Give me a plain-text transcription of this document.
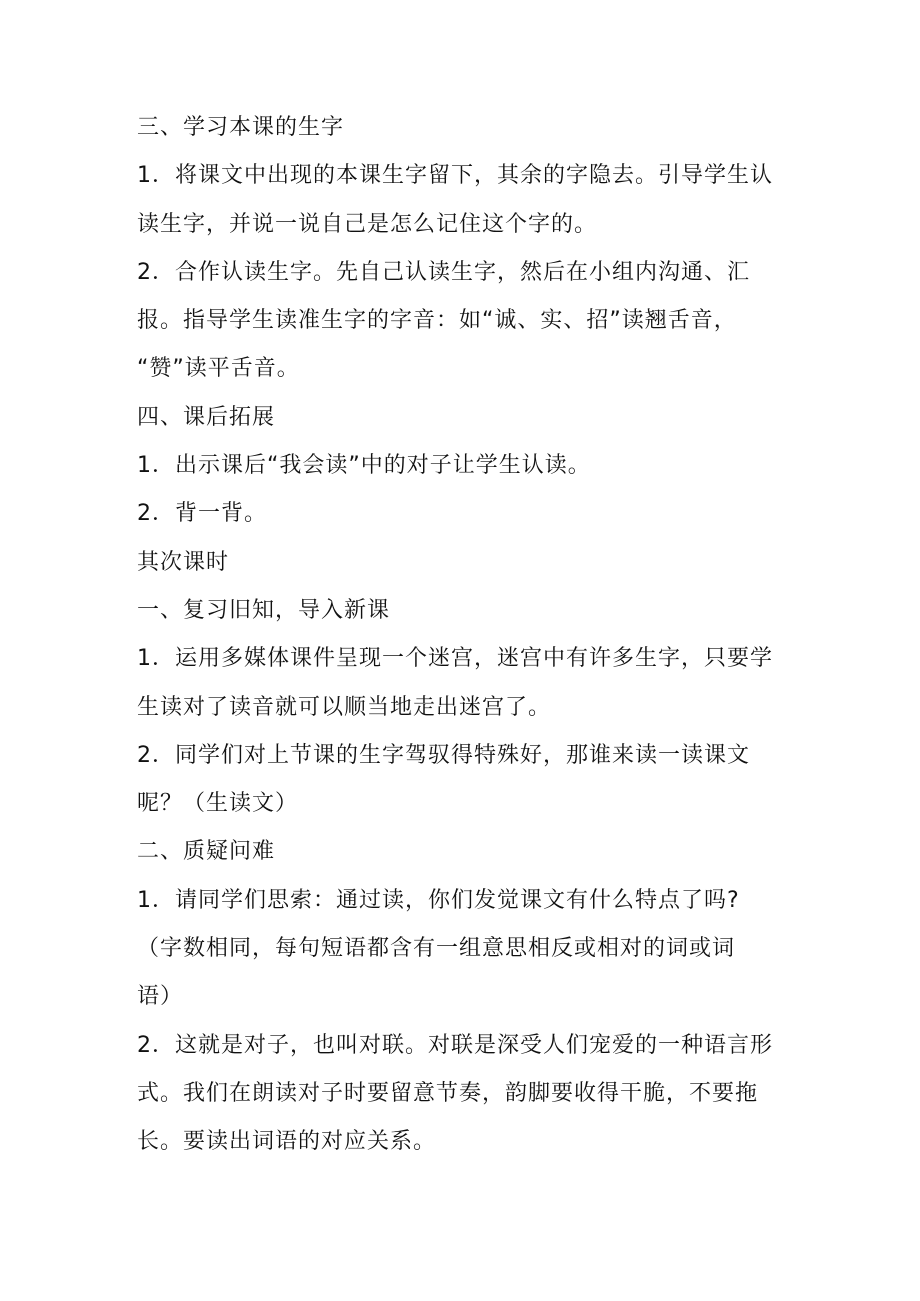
三、学习本课的生字
1．将课文中出现的本课生字留下，其余的字隐去。引导学生认
读生字，并说一说自己是怎么记住这个字的。
2．合作认读生字。先自己认读生字，然后在小组内沟通、汇
报。指导学生读准生字的字音：如“诚、实、招”读翘舌音，
“赞”读平舌音。
四、课后拓展
1．出示课后“我会读”中的对子让学生认读。
2．背一背。
其次课时
一、复习旧知，导入新课
1．运用多媒体课件呈现一个迷宫，迷宫中有许多生字，只要学
生读对了读音就可以顺当地走出迷宫了。
2．同学们对上节课的生字驾驭得特殊好，那谁来读一读课文
呢？（生读文）
二、质疑问难
1．请同学们思索：通过读，你们发觉课文有什么特点了吗?
（字数相同，每句短语都含有一组意思相反或相对的词或词
语）
2．这就是对子，也叫对联。对联是深受人们宠爱的一种语言形
式。我们在朗读对子时要留意节奏，韵脚要收得干脆，不要拖
长。要读出词语的对应关系。
